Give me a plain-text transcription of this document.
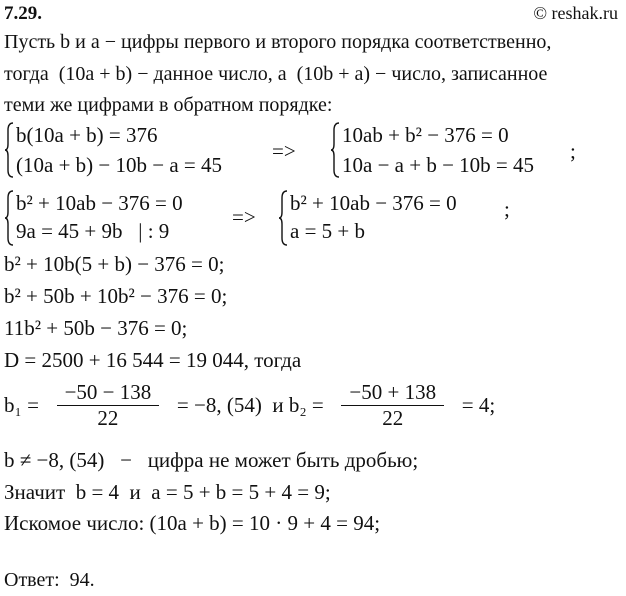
7.29.	© reshak.ru
Пусть b и a − цифры первого и второго порядка соответственно,
тогда  (10a + b) − данное число, а  (10b + a) − число, записанное
теми же цифрами в обратном порядке:
b(10a + b) = 376
(10a + b) − 10b − a = 45
=>
10ab + b² − 376 = 0
10a − a + b − 10b = 45
;
b² + 10ab − 376 = 0
9a = 45 + 9b   | : 9
=>
b² + 10ab − 376 = 0
a = 5 + b
;
b² + 10b(5 + b) − 376 = 0;
b² + 50b + 10b² − 376 = 0;
11b² + 50b − 376 = 0;
D = 2500 + 16 544 = 19 044, тогда
$b_1 = \frac{-50 - 138}{22} = -8$, (54)  и $b_2 = \frac{-50 + 138}{22} = 4$;
b ≠ −8, (54)   −   цифра не может быть дробью;
Значит  b = 4  и  a = 5 + b = 5 + 4 = 9;
Искомое число: (10a + b) = 10 · 9 + 4 = 94;
Ответ:  94.
